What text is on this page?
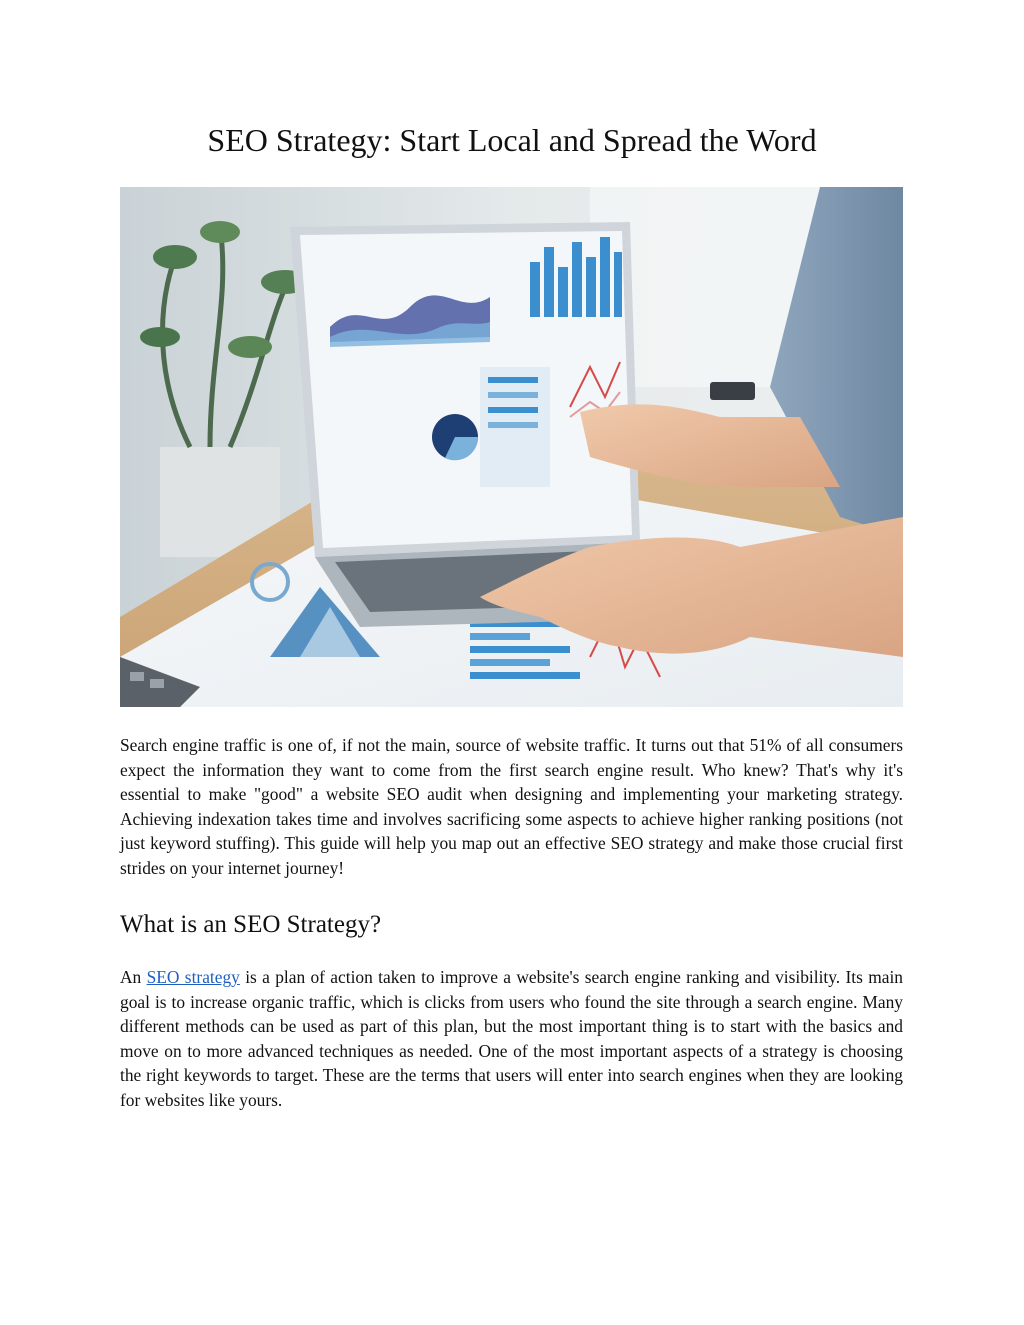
SEO Strategy: Start Local and Spread the Word

Search engine traffic is one of, if not the main, source of website traffic. It turns out that 51% of all consumers expect the information they want to come from the first search engine result. Who knew? That's why it's essential to make "good" a website SEO audit when designing and implementing your marketing strategy. Achieving indexation takes time and involves sacrificing some aspects to achieve higher ranking positions (not just keyword stuffing). This guide will help you map out an effective SEO strategy and make those crucial first strides on your internet journey!

What is an SEO Strategy?

An SEO strategy is a plan of action taken to improve a website's search engine ranking and visibility. Its main goal is to increase organic traffic, which is clicks from users who found the site through a search engine. Many different methods can be used as part of this plan, but the most important thing is to start with the basics and move on to more advanced techniques as needed. One of the most important aspects of a strategy is choosing the right keywords to target. These are the terms that users will enter into search engines when they are looking for websites like yours.
